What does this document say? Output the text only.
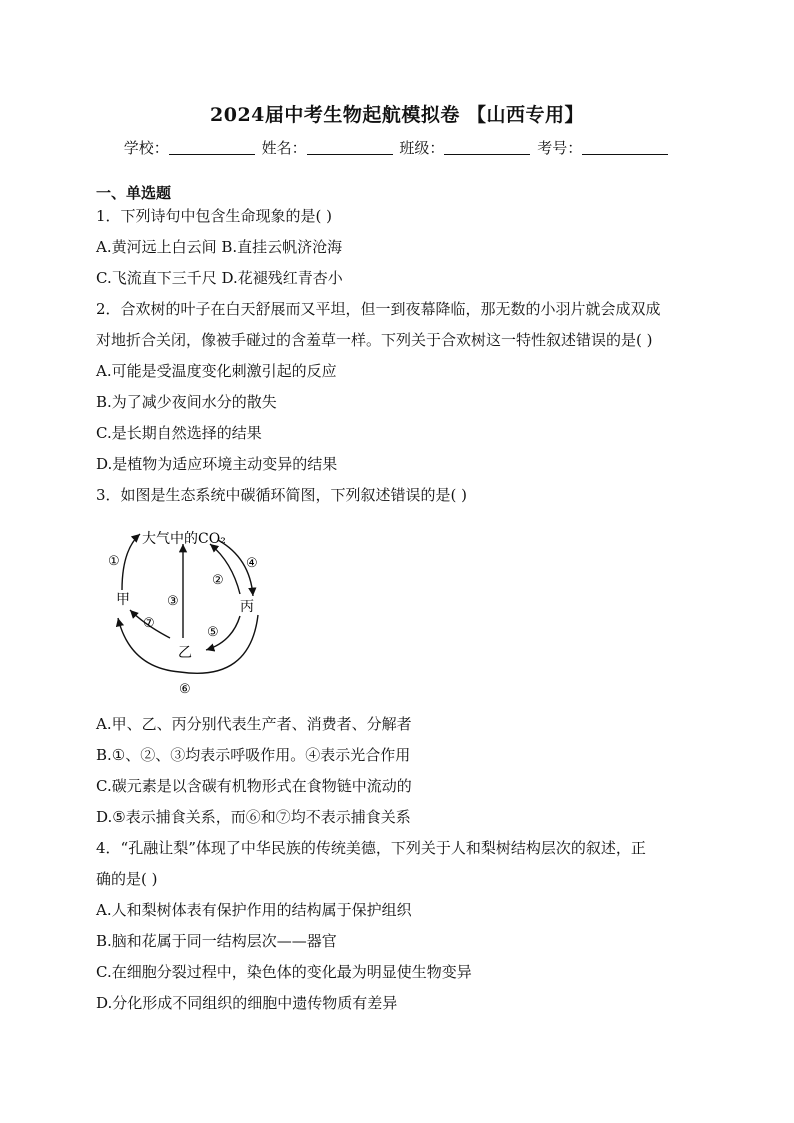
2024届中考生物起航模拟卷 【山西专用】
学校：	姓名：	班级：	考号：
一、单选题
1．下列诗句中包含生命现象的是( )
A.黄河远上白云间 B.直挂云帆济沧海
C.飞流直下三千尺 D.花褪残红青杏小
2．合欢树的叶子在白天舒展而又平坦，但一到夜幕降临，那无数的小羽片就会成双成
对地折合关闭，像被手碰过的含羞草一样。下列关于合欢树这一特性叙述错误的是( )
A.可能是受温度变化刺激引起的反应
B.为了减少夜间水分的散失
C.是长期自然选择的结果
D.是植物为适应环境主动变异的结果
3．如图是生态系统中碳循环简图，下列叙述错误的是( )
大气中的CO₂
甲	丙
乙
①
②
③
④
⑤
⑥
⑦
A.甲、乙、丙分别代表生产者、消费者、分解者
B.①、②、③均表示呼吸作用。④表示光合作用
C.碳元素是以含碳有机物形式在食物链中流动的
D.⑤表示捕食关系，而⑥和⑦均不表示捕食关系
4．“孔融让梨”体现了中华民族的传统美德，下列关于人和梨树结构层次的叙述，正
确的是( )
A.人和梨树体表有保护作用的结构属于保护组织
B.脑和花属于同一结构层次——器官
C.在细胞分裂过程中，染色体的变化最为明显使生物变异
D.分化形成不同组织的细胞中遗传物质有差异
